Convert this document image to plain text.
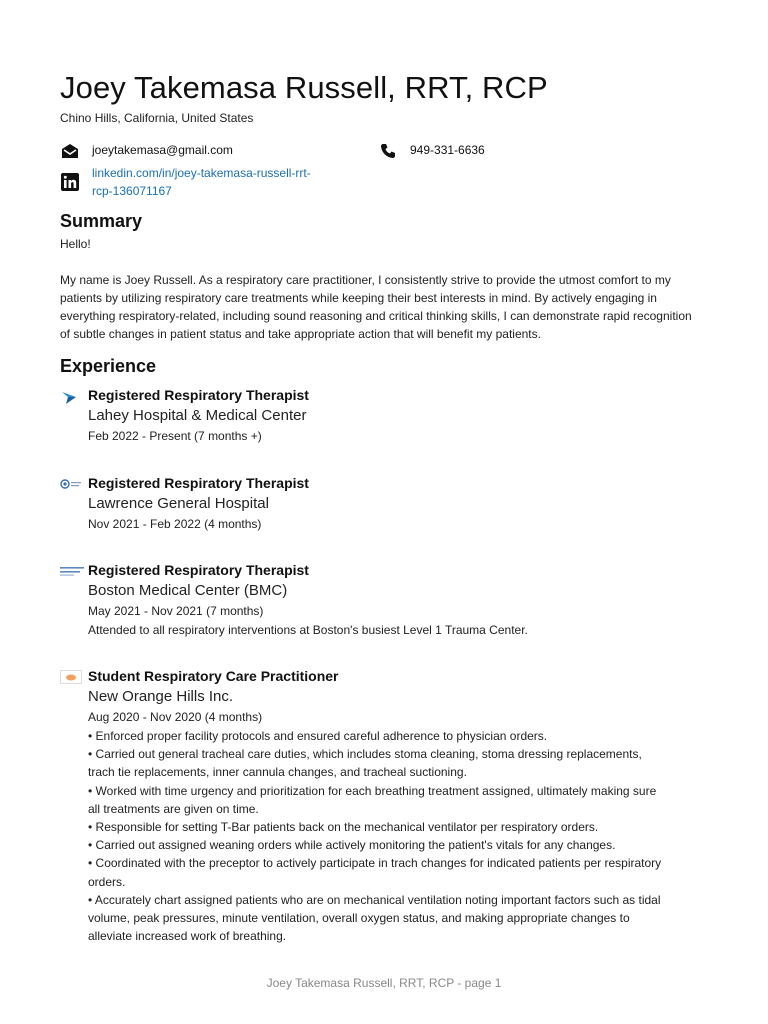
Joey Takemasa Russell, RRT, RCP
Chino Hills, California, United States
joeytakemasa@gmail.com	949-331-6636
linkedin.com/in/joey-takemasa-russell-rrt-
rcp-136071167
Summary
Hello!
My name is Joey Russell. As a respiratory care practitioner, I consistently strive to provide the utmost comfort to my patients by utilizing respiratory care treatments while keeping their best interests in mind. By actively engaging in everything respiratory-related, including sound reasoning and critical thinking skills, I can demonstrate rapid recognition of subtle changes in patient status and take appropriate action that will benefit my patients.
Experience
Registered Respiratory Therapist
Lahey Hospital & Medical Center
Feb 2022 - Present (7 months +)
Registered Respiratory Therapist
Lawrence General Hospital
Nov 2021 - Feb 2022 (4 months)
Registered Respiratory Therapist
Boston Medical Center (BMC)
May 2021 - Nov 2021 (7 months)
Attended to all respiratory interventions at Boston's busiest Level 1 Trauma Center.
Student Respiratory Care Practitioner
New Orange Hills Inc.
Aug 2020 - Nov 2020 (4 months)
• Enforced proper facility protocols and ensured careful adherence to physician orders.
• Carried out general tracheal care duties, which includes stoma cleaning, stoma dressing replacements, trach tie replacements, inner cannula changes, and tracheal suctioning.
• Worked with time urgency and prioritization for each breathing treatment assigned, ultimately making sure all treatments are given on time.
• Responsible for setting T-Bar patients back on the mechanical ventilator per respiratory orders.
• Carried out assigned weaning orders while actively monitoring the patient's vitals for any changes.
• Coordinated with the preceptor to actively participate in trach changes for indicated patients per respiratory orders.
• Accurately chart assigned patients who are on mechanical ventilation noting important factors such as tidal volume, peak pressures, minute ventilation, overall oxygen status, and making appropriate changes to alleviate increased work of breathing.
Joey Takemasa Russell, RRT, RCP - page 1
